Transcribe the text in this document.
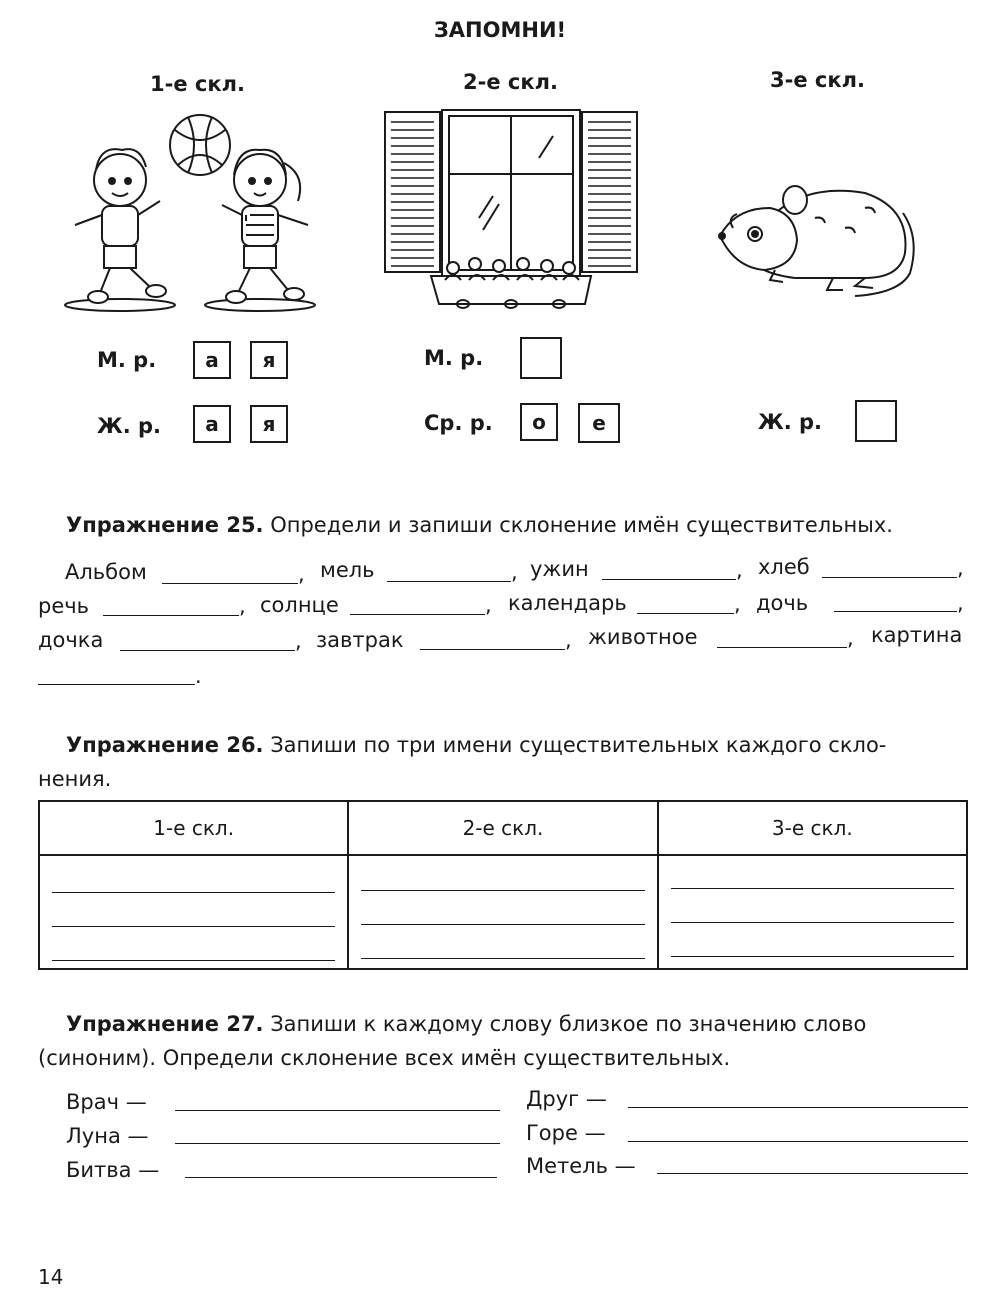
ЗАПОМНИ!
1-е скл.	2-е скл.	3-е скл.
М. р.	а	я
Ж. р.	а	я
М. р.
Ср. р.	о	е	Ж. р.
Упражнение 25. Определи и запиши склонение имён существительных.
Альбом	, мель	, ужин	, хлеб	,
речь	, солнце	, календарь	, дочь	,
дочка	, завтрак	, животное	, картина
.
Упражнение 26. Запиши по три имени существительных каждого скло-
нения.
1-е скл.	2-е скл.	3-е скл.

Упражнение 27. Запиши к каждому слову близкое по значению слово
(синоним). Определи склонение всех имён существительных.
Врач —
Луна —
Битва —
Друг —
Горе —
Метель —
14
